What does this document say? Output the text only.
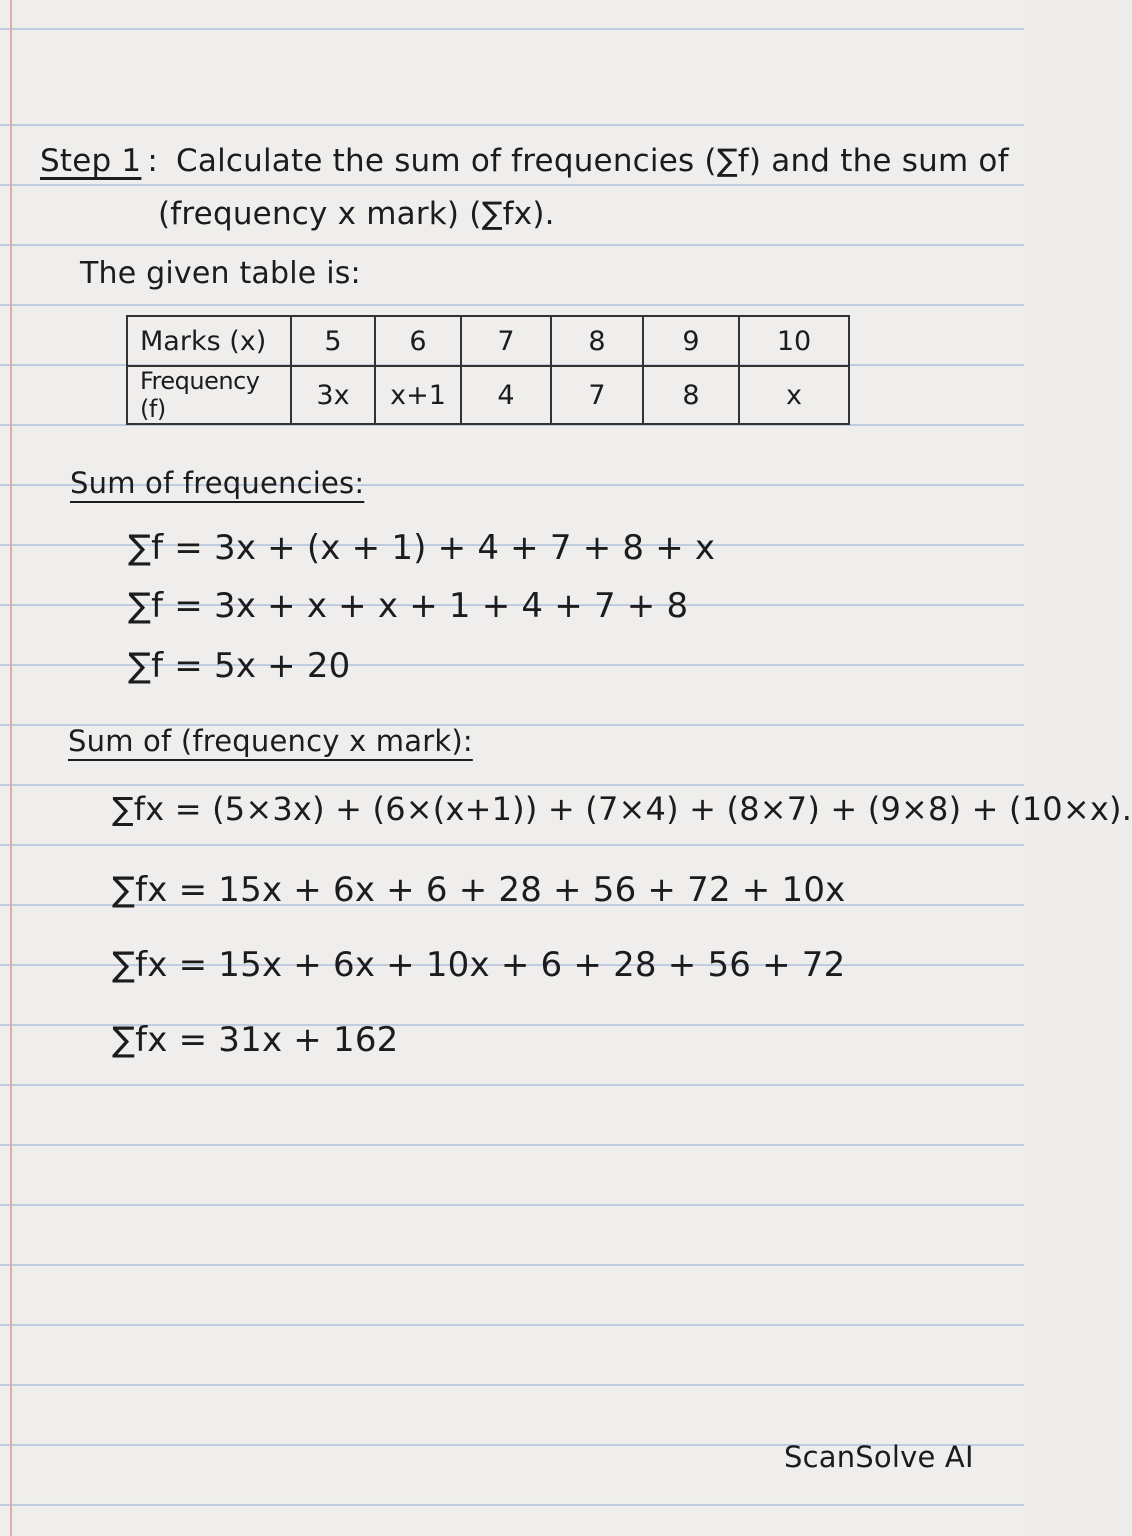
Step 1 : Calculate the sum of frequencies (∑f) and the sum of
(frequency x mark) (∑fx).
The given table is:
Marks (x)	5	6	7	8	9	10
Frequency (f)	3x	x+1	4	7	8	x
Sum of frequencies:
∑f = 3x + (x + 1) + 4 + 7 + 8 + x
∑f = 3x + x + x + 1 + 4 + 7 + 8
∑f = 5x + 20
Sum of (frequency x mark):
∑fx = (5×3x) + (6×(x+1)) + (7×4) + (8×7) + (9×8) + (10×x).
∑fx = 15x + 6x + 6 + 28 + 56 + 72 + 10x
∑fx = 15x + 6x + 10x + 6 + 28 + 56 + 72
∑fx = 31x + 162
ScanSolve AI
